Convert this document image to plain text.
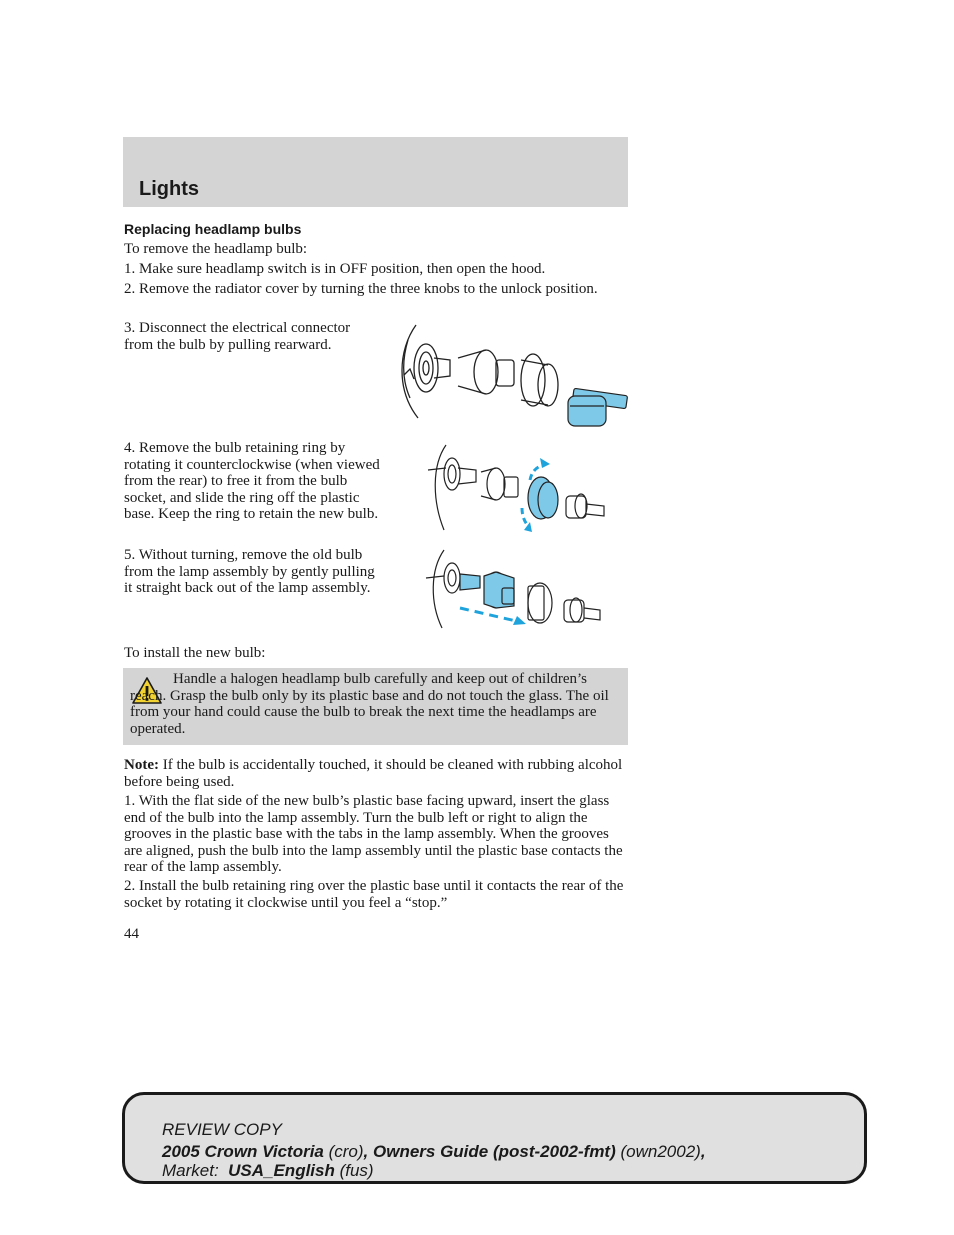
Lights
Replacing headlamp bulbs

To remove the headlamp bulb:

1. Make sure headlamp switch is in OFF position, then open the hood.

2. Remove the radiator cover by turning the three knobs to the unlock position.

3. Disconnect the electrical connector from the bulb by pulling rearward.

4. Remove the bulb retaining ring by rotating it counterclockwise (when viewed from the rear) to free it from the bulb socket, and slide the ring off the plastic base. Keep the ring to retain the new bulb.

5. Without turning, remove the old bulb from the lamp assembly by gently pulling it straight back out of the lamp assembly.

To install the new bulb:

Handle a halogen headlamp bulb carefully and keep out of children’s reach. Grasp the bulb only by its plastic base and do not touch the glass. The oil from your hand could cause the bulb to break the next time the headlamps are operated.

Note: If the bulb is accidentally touched, it should be cleaned with rubbing alcohol before being used.

1. With the flat side of the new bulb’s plastic base facing upward, insert the glass end of the bulb into the lamp assembly. Turn the bulb left or right to align the grooves in the plastic base with the tabs in the lamp assembly. When the grooves are aligned, push the bulb into the lamp assembly until the plastic base contacts the rear of the lamp assembly.

2. Install the bulb retaining ring over the plastic base until it contacts the rear of the socket by rotating it clockwise until you feel a “stop.”

44

REVIEW COPY

2005 Crown Victoria (cro), Owners Guide (post-2002-fmt) (own2002),

Market:  USA_English (fus)
